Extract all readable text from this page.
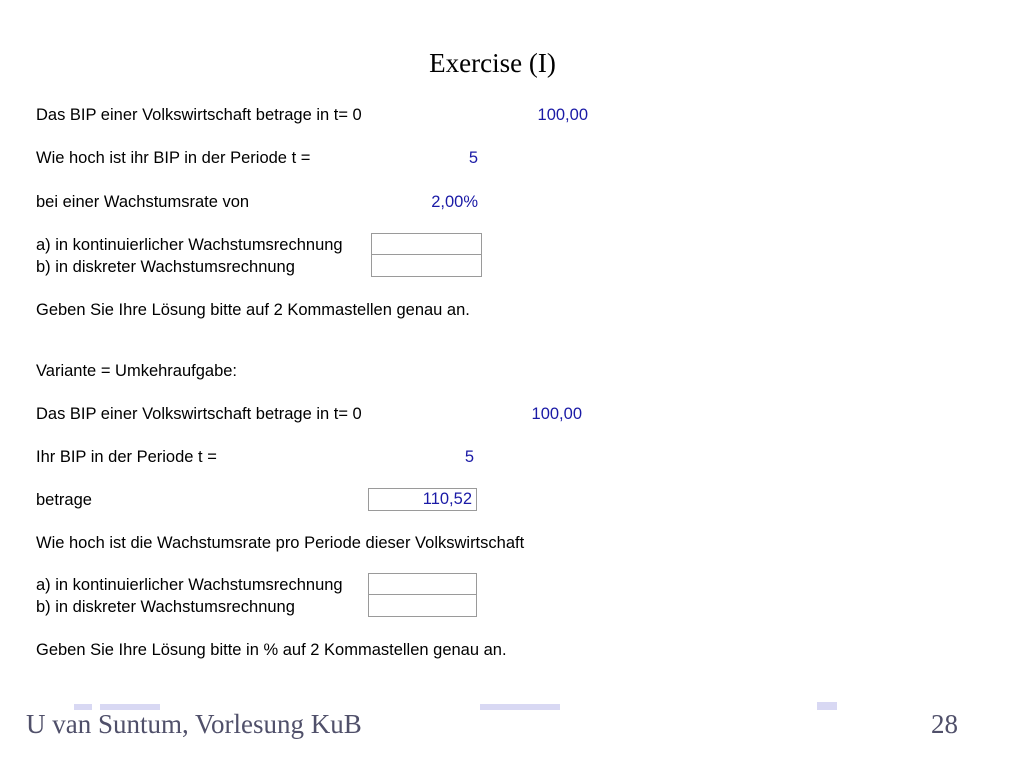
Exercise (I)
Das BIP einer Volkswirtschaft betrage in t= 0	100,00
Wie hoch ist ihr BIP in der Periode t =	5
bei einer Wachstumsrate von	2,00%
a) in kontinuierlicher Wachstumsrechnung
b) in diskreter Wachstumsrechnung
Geben Sie Ihre Lösung bitte auf 2 Kommastellen genau an.
Variante = Umkehraufgabe:
Das BIP einer Volkswirtschaft betrage in t= 0	100,00
Ihr BIP in der Periode t =	5
betrage	110,52
Wie hoch ist die Wachstumsrate pro Periode dieser Volkswirtschaft
a) in kontinuierlicher Wachstumsrechnung
b) in diskreter Wachstumsrechnung
Geben Sie Ihre Lösung bitte in % auf 2 Kommastellen genau an.
U van Suntum, Vorlesung KuB	28
